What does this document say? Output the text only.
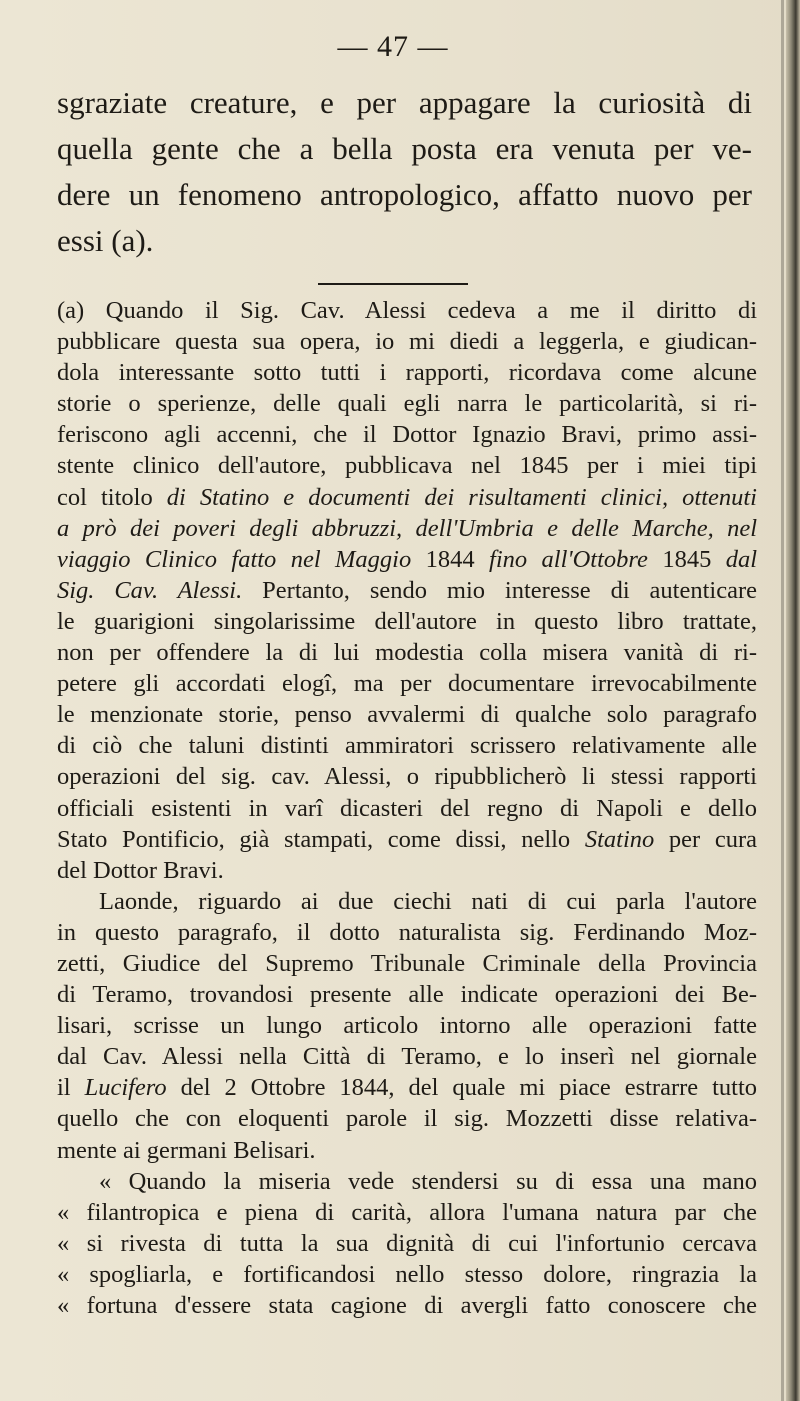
— 47 —
sgraziate creature, e per appagare la curiosità di
quella gente che a bella posta era venuta per ve-
dere un fenomeno antropologico, affatto nuovo per
essi (a).
(a) Quando il Sig. Cav. Alessi cedeva a me il diritto di
pubblicare questa sua opera, io mi diedi a leggerla, e giudican-
dola interessante sotto tutti i rapporti, ricordava come alcune
storie o sperienze, delle quali egli narra le particolarità, si ri-
feriscono agli accenni, che il Dottor Ignazio Bravi, primo assi-
stente clinico dell'autore, pubblicava nel 1845 per i miei tipi
col titolo di Statino e documenti dei risultamenti clinici, ottenuti
a prò dei poveri degli abbruzzi, dell'Umbria e delle Marche, nel
viaggio Clinico fatto nel Maggio 1844 fino all'Ottobre 1845 dal
Sig. Cav. Alessi. Pertanto, sendo mio interesse di autenticare
le guarigioni singolarissime dell'autore in questo libro trattate,
non per offendere la di lui modestia colla misera vanità di ri-
petere gli accordati elogî, ma per documentare irrevocabilmente
le menzionate storie, penso avvalermi di qualche solo paragrafo
di ciò che taluni distinti ammiratori scrissero relativamente alle
operazioni del sig. cav. Alessi, o ripubblicherò li stessi rapporti
officiali esistenti in varî dicasteri del regno di Napoli e dello
Stato Pontificio, già stampati, come dissi, nello Statino per cura
del Dottor Bravi.
Laonde, riguardo ai due ciechi nati di cui parla l'autore
in questo paragrafo, il dotto naturalista sig. Ferdinando Moz-
zetti, Giudice del Supremo Tribunale Criminale della Provincia
di Teramo, trovandosi presente alle indicate operazioni dei Be-
lisari, scrisse un lungo articolo intorno alle operazioni fatte
dal Cav. Alessi nella Città di Teramo, e lo inserì nel giornale
il Lucifero del 2 Ottobre 1844, del quale mi piace estrarre tutto
quello che con eloquenti parole il sig. Mozzetti disse relativa-
mente ai germani Belisari.
« Quando la miseria vede stendersi su di essa una mano
« filantropica e piena di carità, allora l'umana natura par che
« si rivesta di tutta la sua dignità di cui l'infortunio cercava
« spogliarla, e fortificandosi nello stesso dolore, ringrazia la
« fortuna d'essere stata cagione di avergli fatto conoscere che
